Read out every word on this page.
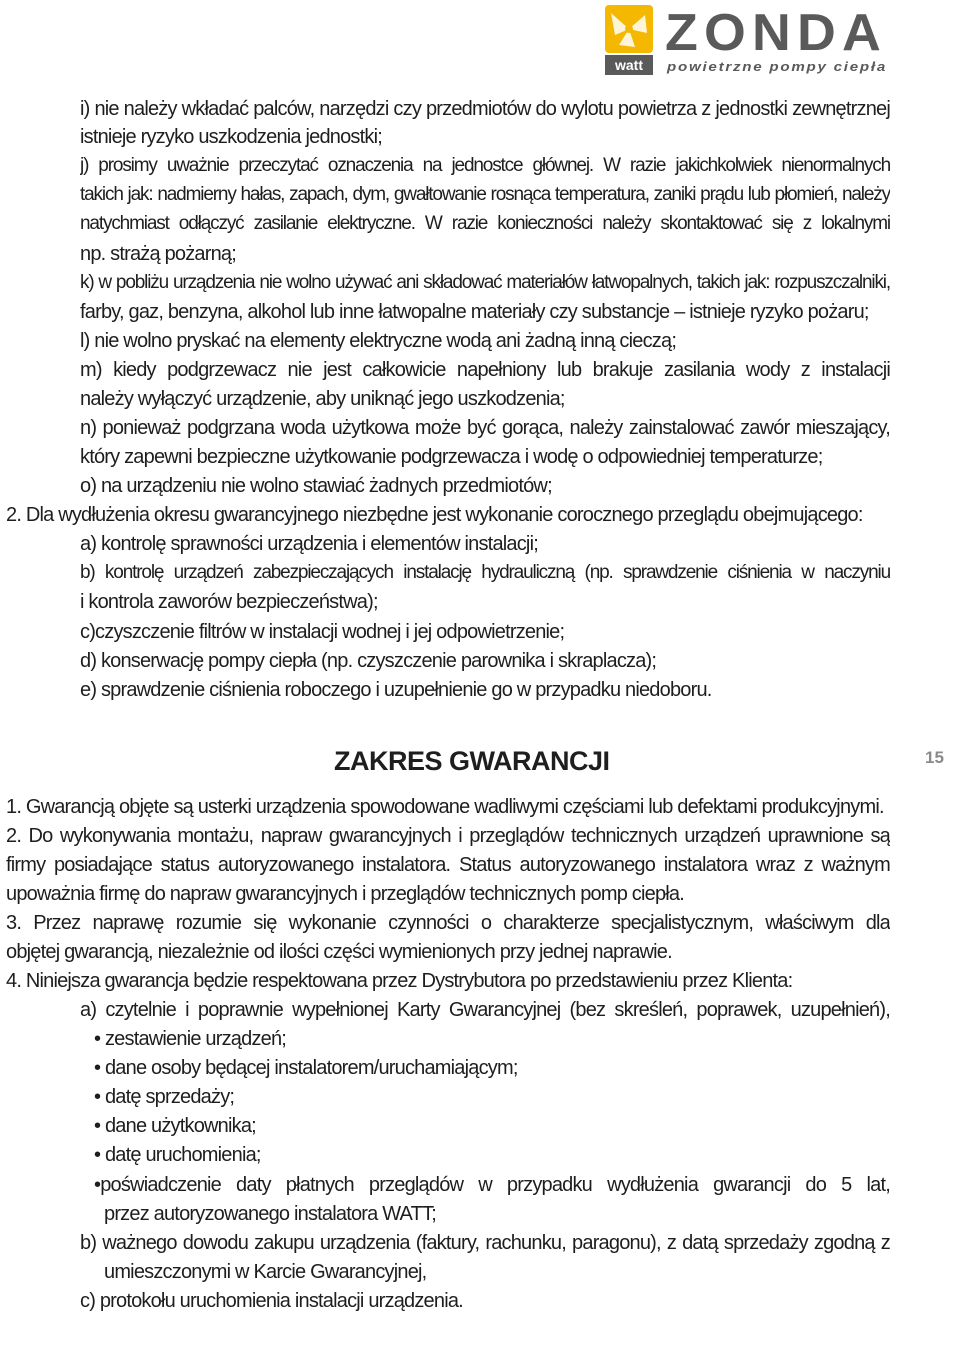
watt
ZONDA
powietrzne pompy ciepła
i) nie należy wkładać palców, narzędzi czy przedmiotów do wylotu powietrza z jednostki zewnętrznej
istnieje ryzyko uszkodzenia jednostki;
j) prosimy uważnie przeczytać oznaczenia na jednostce głównej. W razie jakichkolwiek nienormalnych
takich jak: nadmierny hałas, zapach, dym, gwałtowanie rosnąca temperatura, zaniki prądu lub płomień, należy
natychmiast odłączyć zasilanie elektryczne. W razie konieczności należy skontaktować się z lokalnymi
np. strażą pożarną;
k) w pobliżu urządzenia nie wolno używać ani składować materiałów łatwopalnych, takich jak: rozpuszczalniki,
farby, gaz, benzyna, alkohol lub inne łatwopalne materiały czy substancje – istnieje ryzyko pożaru;
l) nie wolno pryskać na elementy elektryczne wodą ani żadną inną cieczą;
m) kiedy podgrzewacz nie jest całkowicie napełniony lub brakuje zasilania wody z instalacji
należy wyłączyć urządzenie, aby uniknąć jego uszkodzenia;
n) ponieważ podgrzana woda użytkowa może być gorąca, należy zainstalować zawór mieszający,
który zapewni bezpieczne użytkowanie podgrzewacza i wodę o odpowiedniej temperaturze;
o) na urządzeniu nie wolno stawiać żadnych przedmiotów;
2. Dla wydłużenia okresu gwarancyjnego niezbędne jest wykonanie corocznego przeglądu obejmującego:
a) kontrolę sprawności urządzenia i elementów instalacji;
b) kontrolę urządzeń zabezpieczających instalację hydrauliczną (np. sprawdzenie ciśnienia w naczyniu
i kontrola zaworów bezpieczeństwa);
c)czyszczenie filtrów w instalacji wodnej i jej odpowietrzenie;
d) konserwację pompy ciepła (np. czyszczenie parownika i skraplacza);
e) sprawdzenie ciśnienia roboczego i uzupełnienie go w przypadku niedoboru.
ZAKRES GWARANCJI	15
1. Gwarancją objęte są usterki urządzenia spowodowane wadliwymi częściami lub defektami produkcyjnymi.
2. Do wykonywania montażu, napraw gwarancyjnych i przeglądów technicznych urządzeń uprawnione są
firmy posiadające status autoryzowanego instalatora. Status autoryzowanego instalatora wraz z ważnym
upoważnia firmę do napraw gwarancyjnych i przeglądów technicznych pomp ciepła.
3. Przez naprawę rozumie się wykonanie czynności o charakterze specjalistycznym, właściwym dla
objętej gwarancją, niezależnie od ilości części wymienionych przy jednej naprawie.
4. Niniejsza gwarancja będzie respektowana przez Dystrybutora po przedstawieniu przez Klienta:
a) czytelnie i poprawnie wypełnionej Karty Gwarancyjnej (bez skreśleń, poprawek, uzupełnień),
• zestawienie urządzeń;
• dane osoby będącej instalatorem/uruchamiającym;
• datę sprzedaży;
• dane użytkownika;
• datę uruchomienia;
• poświadczenie daty płatnych przeglądów w przypadku wydłużenia gwarancji do 5 lat,
przez autoryzowanego instalatora WATT;
b) ważnego dowodu zakupu urządzenia (faktury, rachunku, paragonu), z datą sprzedaży zgodną z
umieszczonymi w Karcie Gwarancyjnej,
c) protokołu uruchomienia instalacji urządzenia.
